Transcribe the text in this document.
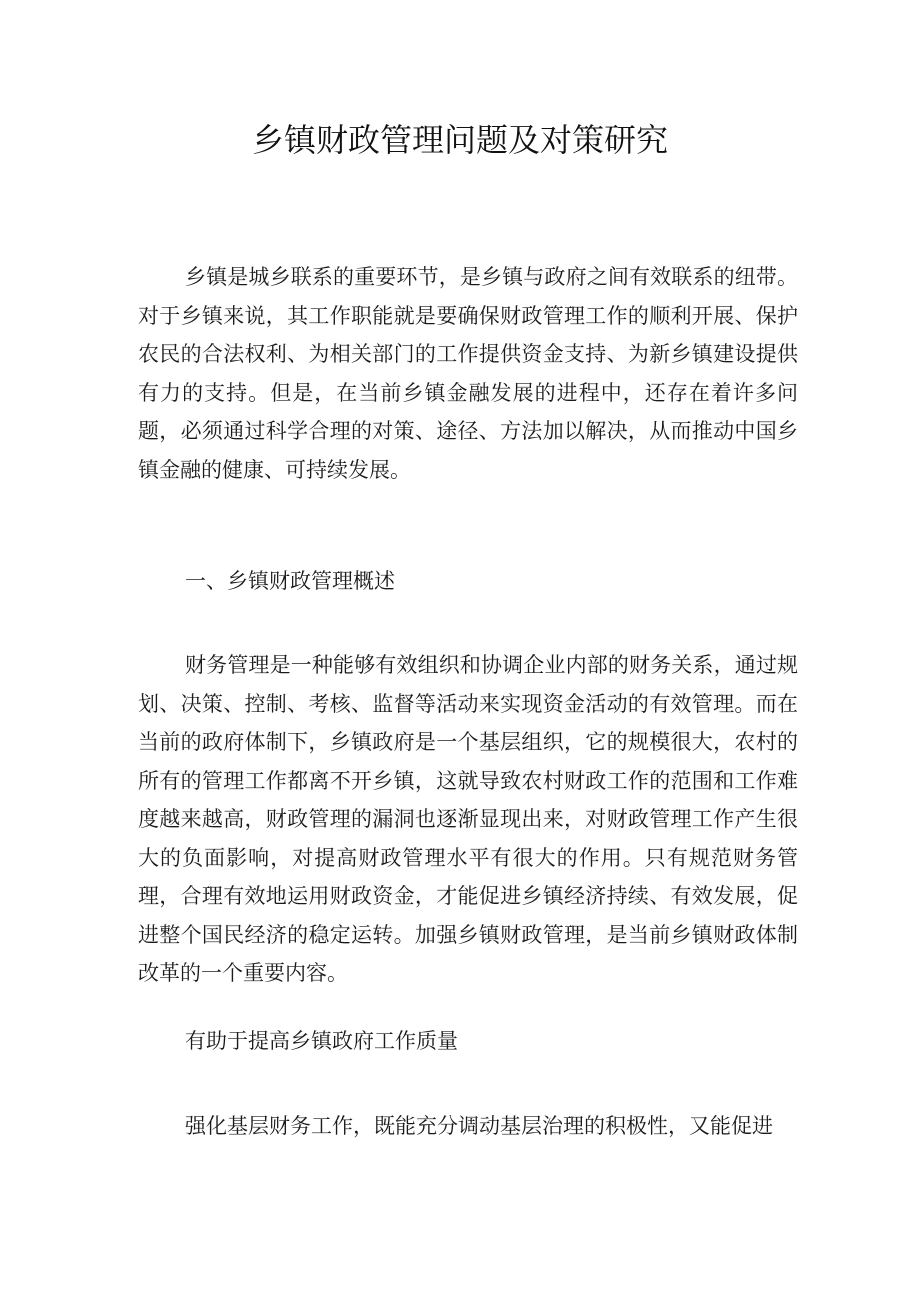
乡镇财政管理问题及对策研究

乡镇是城乡联系的重要环节，是乡镇与政府之间有效联系的纽带。对于乡镇来说，其工作职能就是要确保财政管理工作的顺利开展、保护农民的合法权利、为相关部门的工作提供资金支持、为新乡镇建设提供有力的支持。但是，在当前乡镇金融发展的进程中，还存在着许多问题，必须通过科学合理的对策、途径、方法加以解决，从而推动中国乡镇金融的健康、可持续发展。

一、乡镇财政管理概述

财务管理是一种能够有效组织和协调企业内部的财务关系，通过规划、决策、控制、考核、监督等活动来实现资金活动的有效管理。而在当前的政府体制下，乡镇政府是一个基层组织，它的规模很大，农村的所有的管理工作都离不开乡镇，这就导致农村财政工作的范围和工作难度越来越高，财政管理的漏洞也逐渐显现出来，对财政管理工作产生很大的负面影响，对提高财政管理水平有很大的作用。只有规范财务管理，合理有效地运用财政资金，才能促进乡镇经济持续、有效发展，促进整个国民经济的稳定运转。加强乡镇财政管理，是当前乡镇财政体制改革的一个重要内容。

有助于提高乡镇政府工作质量

强化基层财务工作，既能充分调动基层治理的积极性，又能促进
